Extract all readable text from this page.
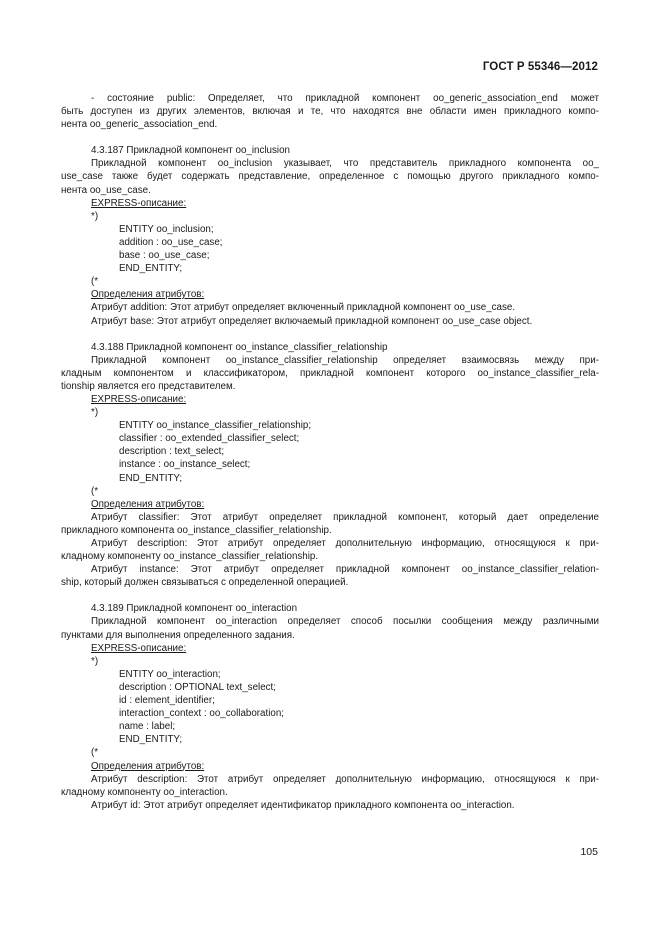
ГОСТ Р 55346—2012
- состояние public: Определяет, что прикладной компонент oo_generic_association_end может
быть доступен из других элементов, включая и те, что находятся вне области имен прикладного компо-
нента oo_generic_association_end.
4.3.187 Прикладной компонент oo_inclusion
Прикладной компонент oo_inclusion указывает, что представитель прикладного компонента oo_
use_case также будет содержать представление, определенное с помощью другого прикладного компо-
нента oo_use_case.
EXPRESS-описание:
*)
ENTITY oo_inclusion;
addition : oo_use_case;
base : oo_use_case;
END_ENTITY;
(*
Определения атрибутов:
Атрибут addition: Этот атрибут определяет включенный прикладной компонент oo_use_case.
Атрибут base: Этот атрибут определяет включаемый прикладной компонент oo_use_case object.
4.3.188 Прикладной компонент oo_instance_classifier_relationship
Прикладной компонент oo_instance_classifier_relationship определяет взаимосвязь между при-
кладным компонентом и классификатором, прикладной компонент которого oo_instance_classifier_rela-
tionship является его представителем.
EXPRESS-описание:
*)
ENTITY oo_instance_classifier_relationship;
classifier : oo_extended_classifier_select;
description : text_select;
instance : oo_instance_select;
END_ENTITY;
(*
Определения атрибутов:
Атрибут classifier: Этот атрибут определяет прикладной компонент, который дает определение
прикладного компонента oo_instance_classifier_relationship.
Атрибут description: Этот атрибут определяет дополнительную информацию, относящуюся к при-
кладному компоненту oo_instance_classifier_relationship.
Атрибут instance: Этот атрибут определяет прикладной компонент oo_instance_classifier_relation-
ship, который должен связываться с определенной операцией.
4.3.189 Прикладной компонент oo_interaction
Прикладной компонент oo_interaction определяет способ посылки сообщения между различными
пунктами для выполнения определенного задания.
EXPRESS-описание:
*)
ENTITY oo_interaction;
description : OPTIONAL text_select;
id : element_identifier;
interaction_context : oo_collaboration;
name : label;
END_ENTITY;
(*
Определения атрибутов:
Атрибут description: Этот атрибут определяет дополнительную информацию, относящуюся к при-
кладному компоненту oo_interaction.
Атрибут id: Этот атрибут определяет идентификатор прикладного компонента oo_interaction.
105
